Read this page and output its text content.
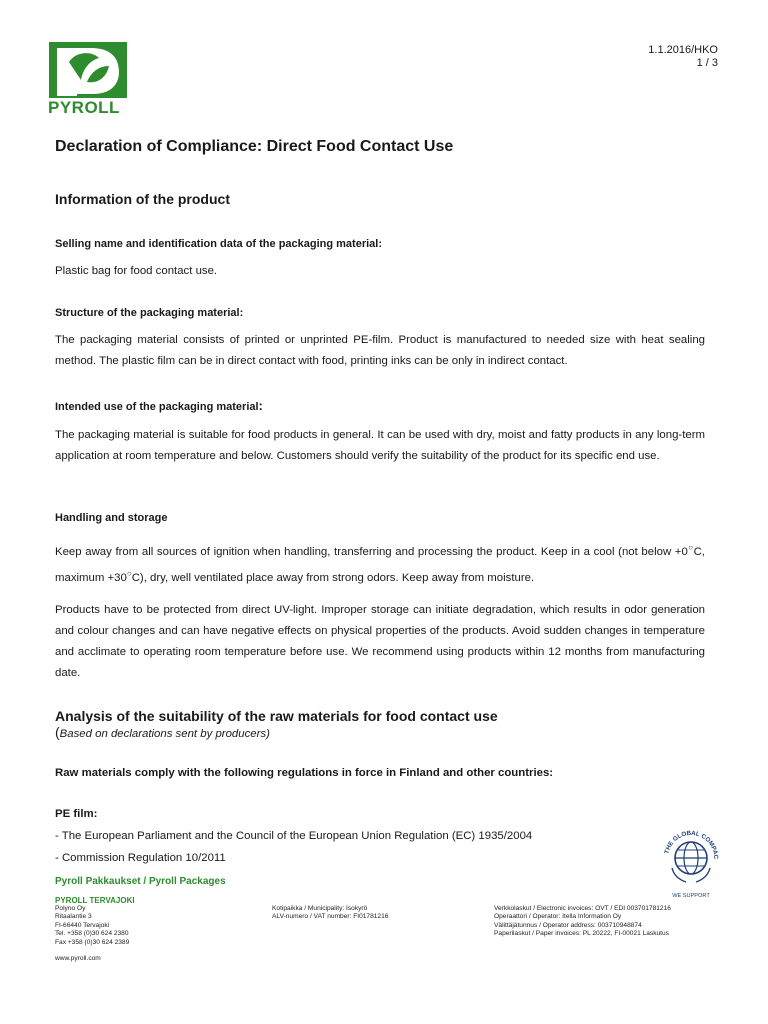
PYROLL
1.1.2016/HKO
1 / 3
Declaration of Compliance: Direct Food Contact Use
Information of the product
Selling name and identification data of the packaging material:
Plastic bag for food contact use.
Structure of the packaging material:
The packaging material consists of printed or unprinted PE-film. Product is manufactured to needed size with heat sealing method. The plastic film can be in direct contact with food, printing inks can be only in indirect contact.
Intended use of the packaging material:
The packaging material is suitable for food products in general. It can be used with dry, moist and fatty products in any long-term application at room temperature and below. Customers should verify the suitability of the product for its specific end use.
Handling and storage
Keep away from all sources of ignition when handling, transferring and processing the product. Keep in a cool (not below +0○C, maximum +30○C), dry, well ventilated place away from strong odors. Keep away from moisture.
Products have to be protected from direct UV-light. Improper storage can initiate degradation, which results in odor generation and colour changes and can have negative effects on physical properties of the products. Avoid sudden changes in temperature and acclimate to operating room temperature before use. We recommend using products within 12 months from manufacturing date.
Analysis of the suitability of the raw materials for food contact use
(Based on declarations sent by producers)
Raw materials comply with the following regulations in force in Finland and other countries:
PE film:
- The European Parliament and the Council of the European Union Regulation (EC) 1935/2004
- Commission Regulation 10/2011
THE GLOBAL COMPAC
WE SUPPORT
Pyroll Pakkaukset / Pyroll Packages
PYROLL TERVAJOKI
Polyno Oy
Ritaalantie 3
FI-66440 Tervajoki
Tel. +358 (0)30 624 2380
Fax +358 (0)30 624 2389
Kotipaikka / Municipality: Isokyrö
ALV-numero / VAT number: FI01781216
Verkkolaskut / Electronic invoices: OVT / EDI 003701781216
Operaattori / Operator: Itella Information Oy
Välittäjätunnus / Operator address: 003710948874
Paperilaskut / Paper invoices: PL 20222, FI-00021 Laskutus
www.pyroll.com
